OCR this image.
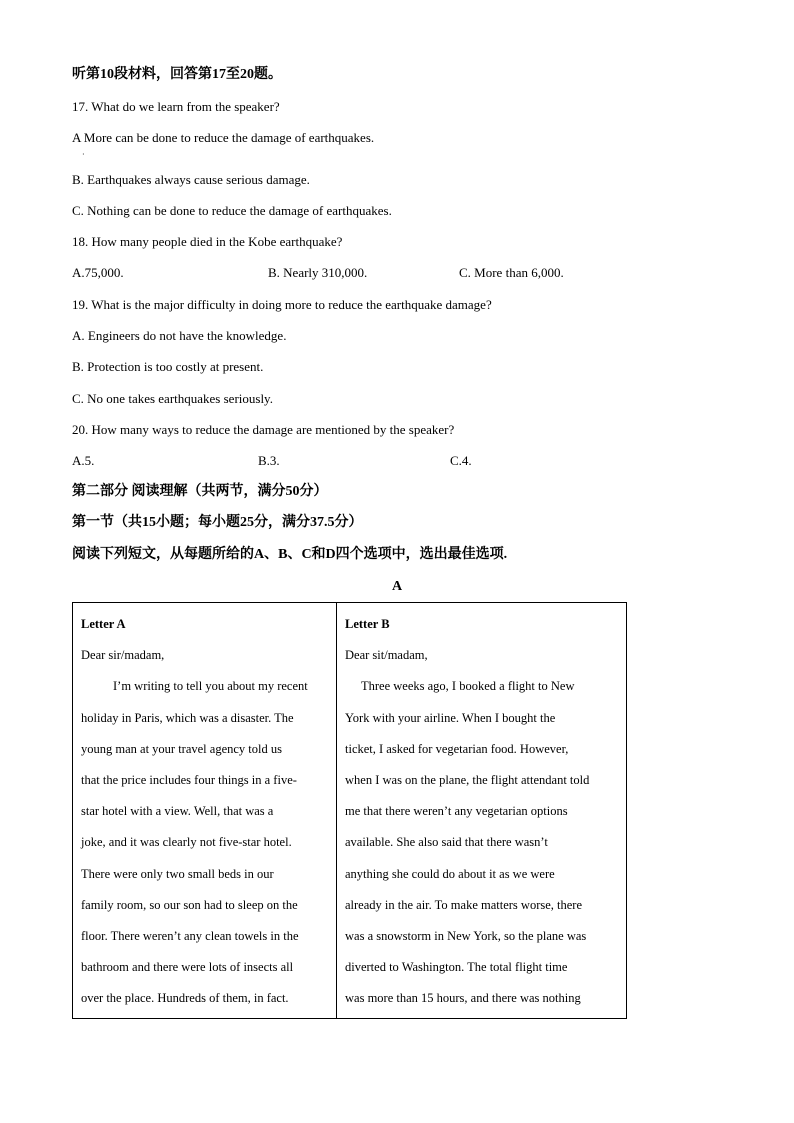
听第10段材料，回答第17至20题。
17. What do we learn from the speaker?
A More can be done to reduce the damage of earthquakes.
·
B. Earthquakes always cause serious damage.
C. Nothing can be done to reduce the damage of earthquakes.
18. How many people died in the Kobe earthquake?
A.75,000.	B. Nearly 310,000.	C. More than 6,000.
19. What is the major difficulty in doing more to reduce the earthquake damage?
A. Engineers do not have the knowledge.
B. Protection is too costly at present.
C. No one takes earthquakes seriously.
20. How many ways to reduce the damage are mentioned by the speaker?
A.5.	B.3.	C.4.
第二部分 阅读理解（共两节，满分50分）
第一节（共15小题；每小题25分，满分37.5分）
阅读下列短文，从每题所给的A、B、C和D四个选项中，选出最佳选项.
A
Letter A
Dear sir/madam,
I’m writing to tell you about my recent
holiday in Paris, which was a disaster. The
young man at your travel agency told us
that the price includes four things in a five-
star hotel with a view. Well, that was a
joke, and it was clearly not five-star hotel.
There were only two small beds in our
family room, so our son had to sleep on the
floor. There weren’t any clean towels in the
bathroom and there were lots of insects all
over the place. Hundreds of them, in fact.

Letter B
Dear sit/madam,
Three weeks ago, I booked a flight to New
York with your airline. When I bought the
ticket, I asked for vegetarian food. However,
when I was on the plane, the flight attendant told
me that there weren’t any vegetarian options
available. She also said that there wasn’t
anything she could do about it as we were
already in the air. To make matters worse, there
was a snowstorm in New York, so the plane was
diverted to Washington. The total flight time
was more than 15 hours, and there was nothing
